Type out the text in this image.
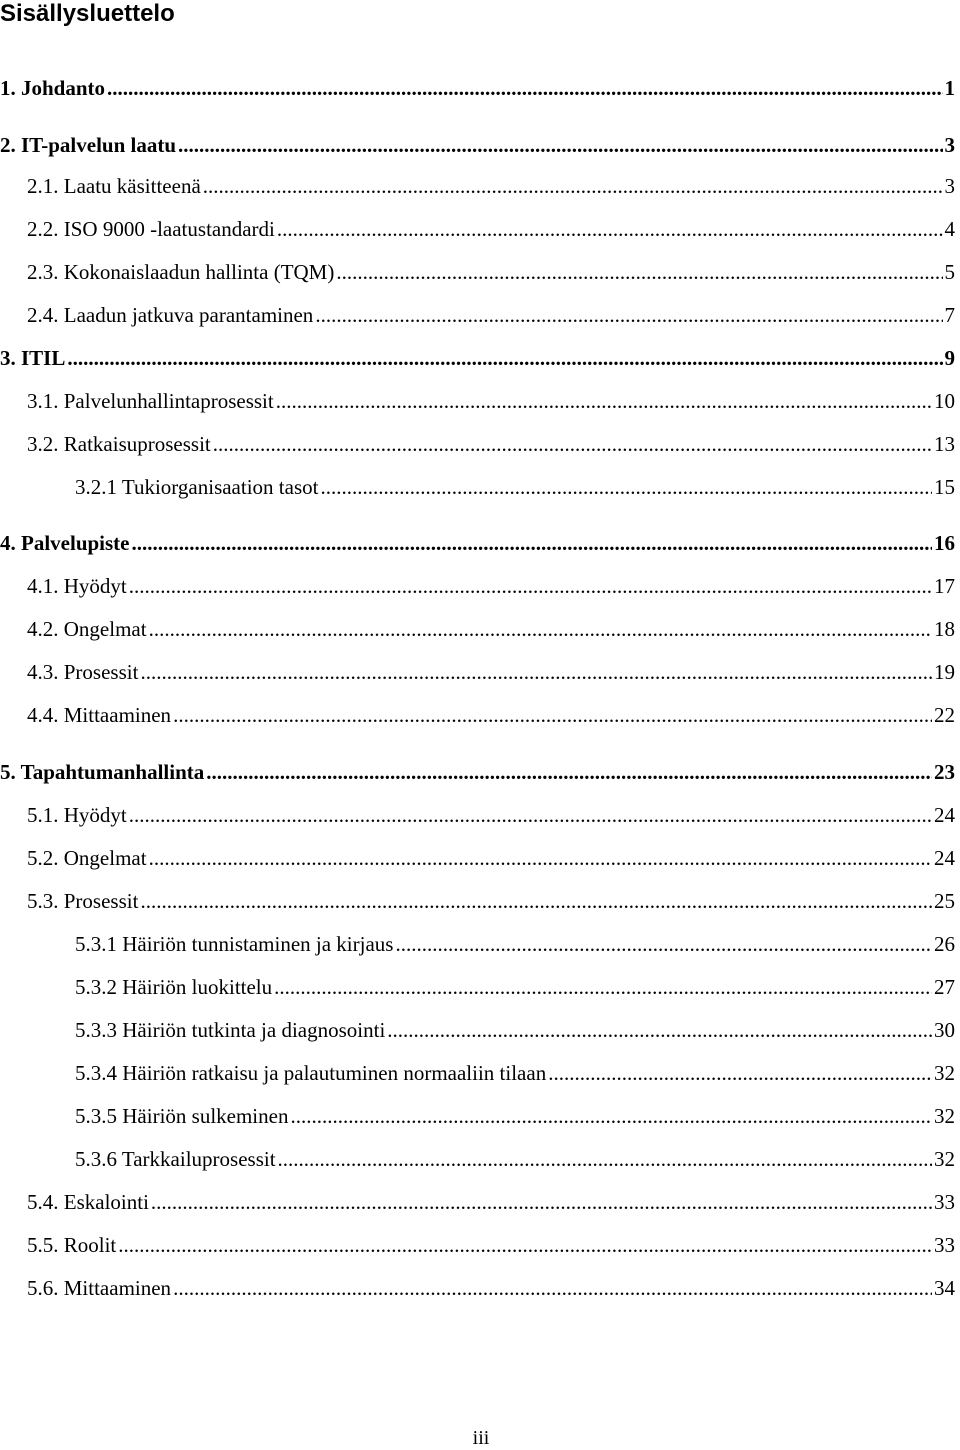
Sisällysluettelo
1. Johdanto .....	1
2. IT-palvelun laatu .....	3
2.1. Laatu käsitteenä .....	3
2.2. ISO 9000 -laatustandardi .....	4
2.3. Kokonaislaadun hallinta (TQM) .....	5
2.4. Laadun jatkuva parantaminen .....	7
3. ITIL .....	9
3.1. Palvelunhallintaprosessit .....	10
3.2. Ratkaisuprosessit .....	13
3.2.1 Tukiorganisaation tasot .....	15
4. Palvelupiste .....	16
4.1. Hyödyt .....	17
4.2. Ongelmat .....	18
4.3. Prosessit .....	19
4.4. Mittaaminen .....	22
5. Tapahtumanhallinta .....	23
5.1. Hyödyt .....	24
5.2. Ongelmat .....	24
5.3. Prosessit .....	25
5.3.1 Häiriön tunnistaminen ja kirjaus .....	26
5.3.2 Häiriön luokittelu .....	27
5.3.3 Häiriön tutkinta ja diagnosointi .....	30
5.3.4 Häiriön ratkaisu ja palautuminen normaaliin tilaan .....	32
5.3.5 Häiriön sulkeminen .....	32
5.3.6 Tarkkailuprosessit .....	32
5.4. Eskalointi .....	33
5.5. Roolit .....	33
5.6. Mittaaminen .....	34
iii
